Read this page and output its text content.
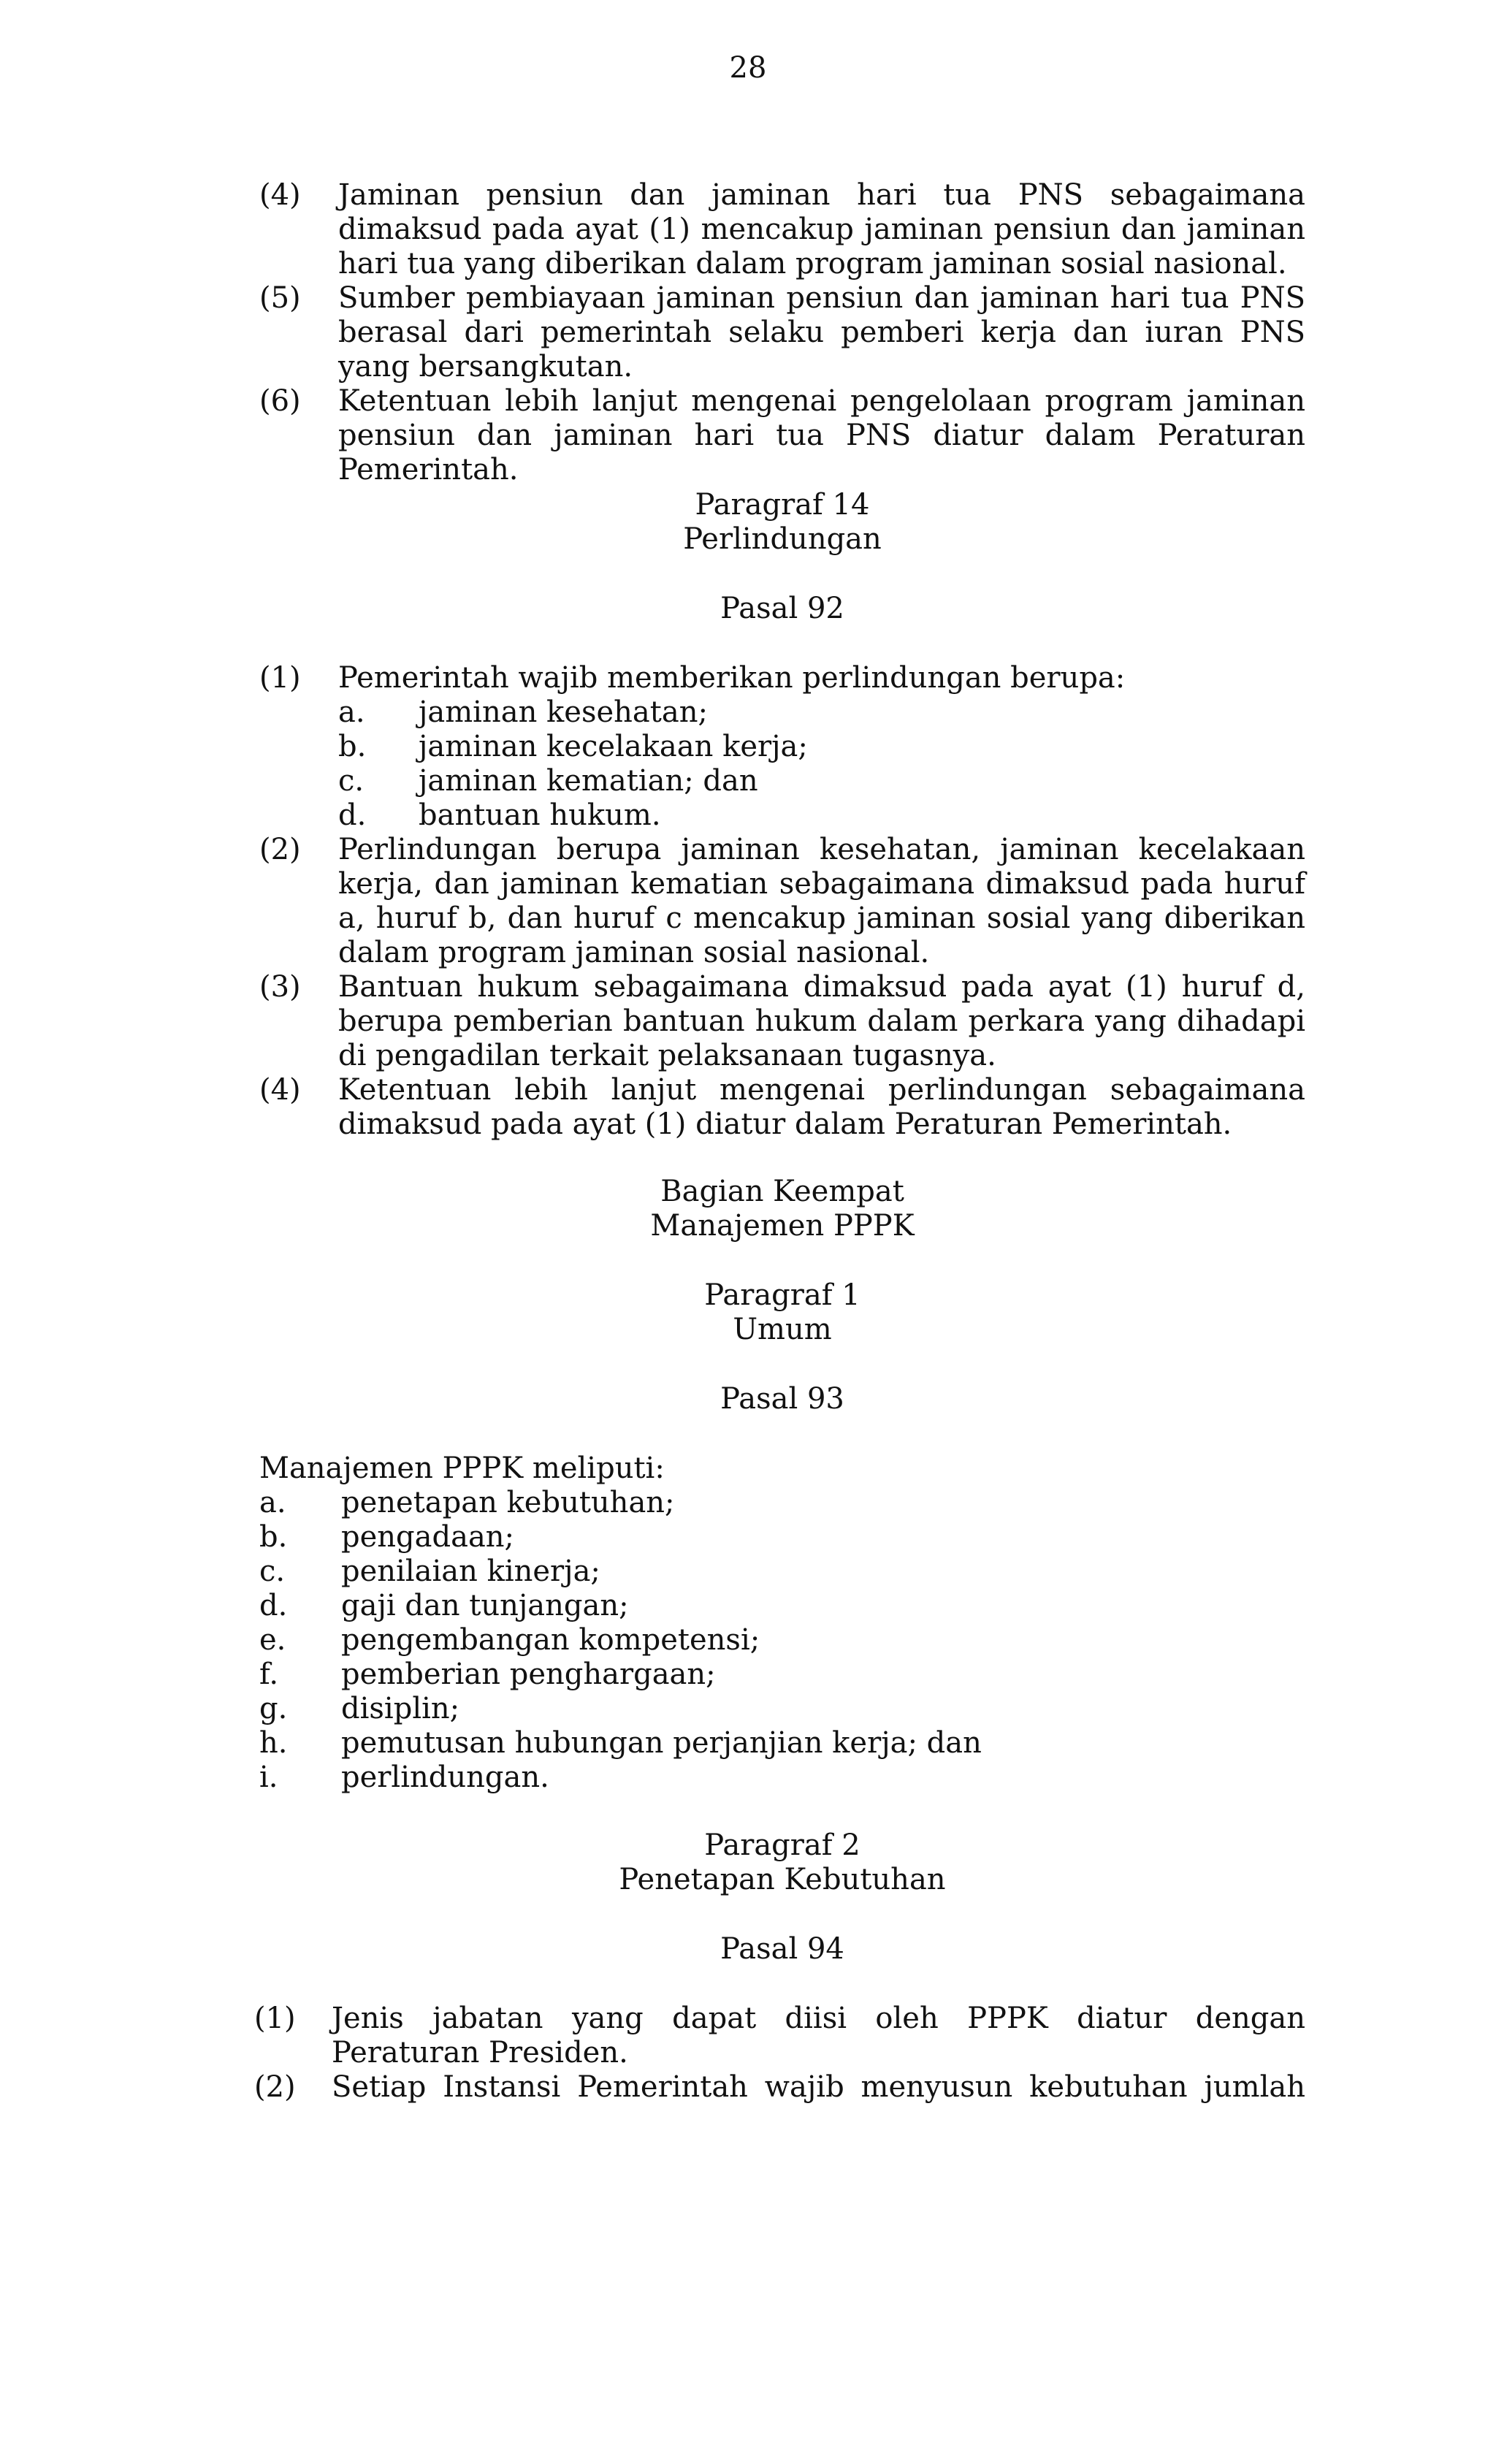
28
(4)	Jaminan pensiun dan jaminan hari tua PNS sebagaimana dimaksud pada ayat (1) mencakup jaminan pensiun dan jaminan hari tua yang diberikan dalam program jaminan sosial nasional.
(5)	Sumber pembiayaan jaminan pensiun dan jaminan hari tua PNS berasal dari pemerintah selaku pemberi kerja dan iuran PNS yang bersangkutan.
(6)	Ketentuan lebih lanjut mengenai pengelolaan program jaminan pensiun dan jaminan hari tua PNS diatur dalam Peraturan Pemerintah.
Paragraf 14
Perlindungan
Pasal 92
(1)	Pemerintah wajib memberikan perlindungan berupa:
a.	jaminan kesehatan;
b.	jaminan kecelakaan kerja;
c.	jaminan kematian; dan
d.	bantuan hukum.
(2)	Perlindungan berupa jaminan kesehatan, jaminan kecelakaan kerja, dan jaminan kematian sebagaimana dimaksud pada huruf a, huruf b, dan huruf c mencakup jaminan sosial yang diberikan dalam program jaminan sosial nasional.
(3)	Bantuan hukum sebagaimana dimaksud pada ayat (1) huruf d, berupa pemberian bantuan hukum dalam perkara yang dihadapi di pengadilan terkait pelaksanaan tugasnya.
(4)	Ketentuan lebih lanjut mengenai perlindungan sebagaimana dimaksud pada ayat (1) diatur dalam Peraturan Pemerintah.
Bagian Keempat
Manajemen PPPK
Paragraf 1
Umum
Pasal 93
Manajemen PPPK meliputi:
a.	penetapan kebutuhan;
b.	pengadaan;
c.	penilaian kinerja;
d.	gaji dan tunjangan;
e.	pengembangan kompetensi;
f.	pemberian penghargaan;
g.	disiplin;
h.	pemutusan hubungan perjanjian kerja; dan
i.	perlindungan.
Paragraf 2
Penetapan Kebutuhan
Pasal 94
(1)	Jenis jabatan yang dapat diisi oleh PPPK diatur dengan Peraturan Presiden.
(2)	Setiap Instansi Pemerintah wajib menyusun kebutuhan jumlah
